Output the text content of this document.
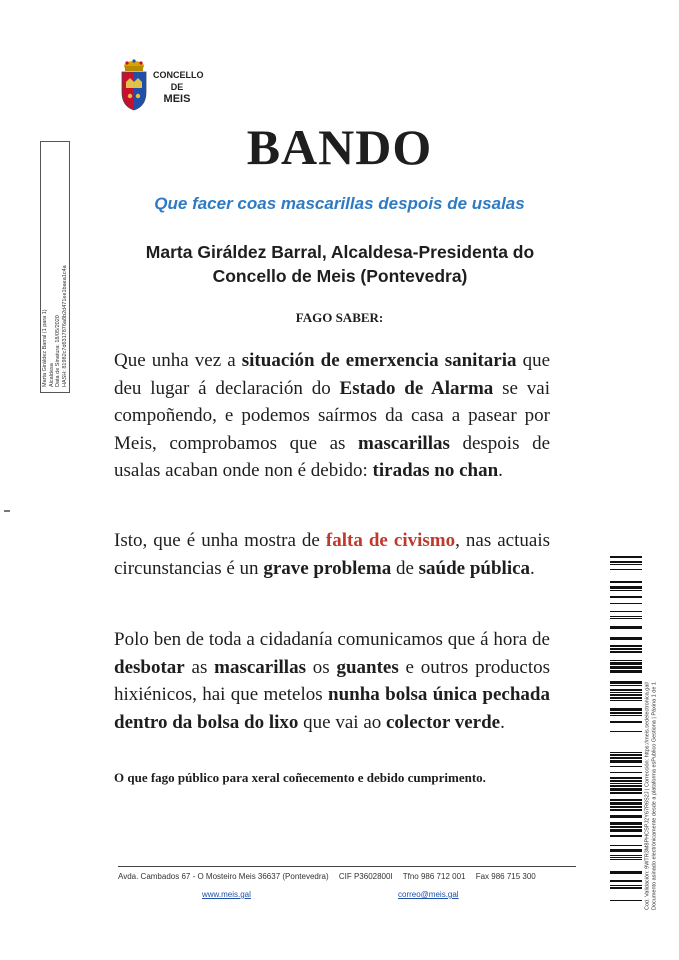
CONCELLO
DE
MEIS
Marta Giráldez Barral (1 para 1) Alcaldesa Data de Sinatura: 18/05/2020 HASH: 81982c7d6317876a8b2d471ee1baea1c4a
BANDO
Que facer coas mascarillas despois de usalas
Marta Giráldez Barral, Alcaldesa-Presidenta do
Concello de Meis (Pontevedra)
FAGO SABER:
Que unha vez a situación de emerxencia sanitaria que deu lugar á declaración do Estado de Alarma se vai compoñendo, e podemos saírmos da casa a pasear por Meis, comprobamos que as mascarillas despois de usalas acaban onde non é debido: tiradas no chan.
Isto, que é unha mostra de falta de civismo, nas actuais circunstancias é un grave problema de saúde pública.
Polo ben de toda a cidadanía comunicamos que á hora de desbotar as mascarillas os guantes e outros productos hixiénicos, hai que metelos nunha bolsa única pechada dentro da bolsa do lixo que vai ao colector verde.
O que fago público para xeral coñecemento e debido cumprimento.
Avda. Cambados 67 - O Mosteiro Meis 36637 (Pontevedra) CIF P3602800I Tfno 986 712 001 Fax 986 715 300
www.meis.gal	correo@meis.gal	Cod. Validación: 9WTR3M8PHCSPJ2Y67R6S2J | Corrección: https://meis.sedelectronica.gal/ Documento asinado electrónicamente desde a plataforma esPublico Gestiona | Páxina 1 de 1
